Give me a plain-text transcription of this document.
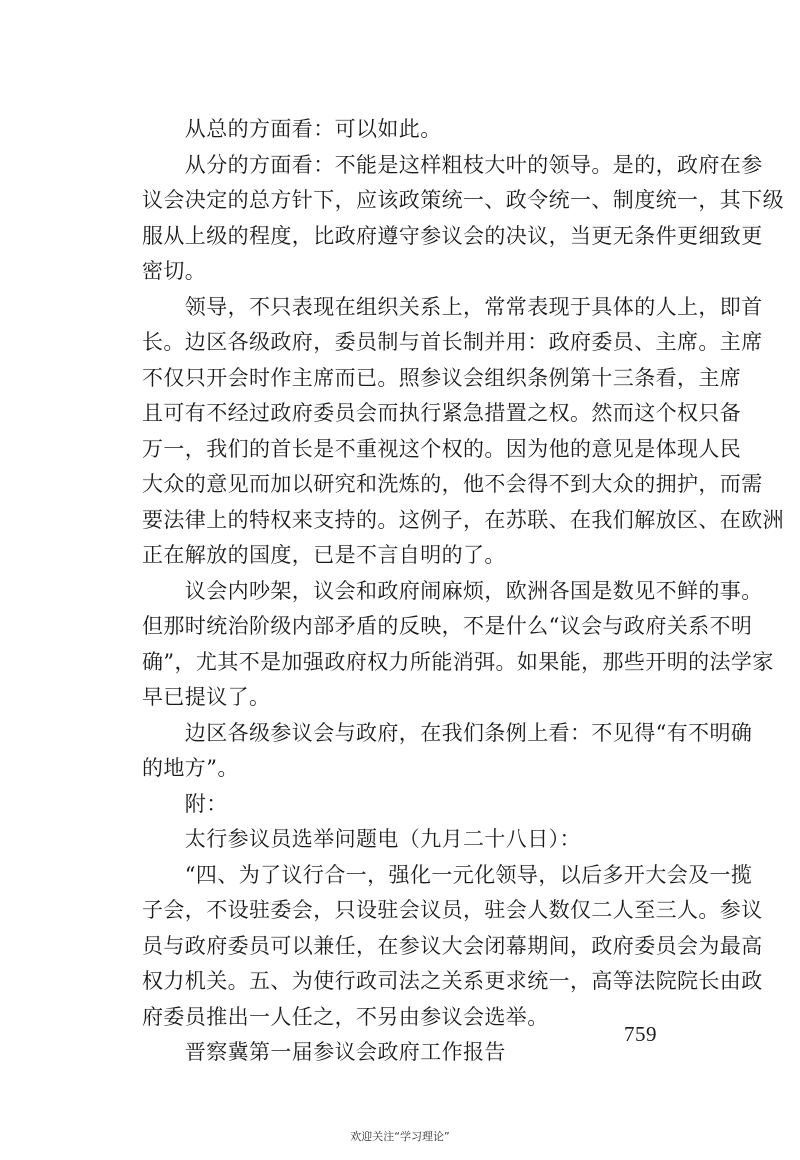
　　从总的方面看：可以如此。
　　从分的方面看：不能是这样粗枝大叶的领导。是的，政府在参
议会决定的总方针下，应该政策统一、政令统一、制度统一，其下级
服从上级的程度，比政府遵守参议会的决议，当更无条件更细致更
密切。
　　领导，不只表现在组织关系上，常常表现于具体的人上，即首
长。边区各级政府，委员制与首长制并用：政府委员、主席。主席
不仅只开会时作主席而已。照参议会组织条例第十三条看，主席
且可有不经过政府委员会而执行紧急措置之权。然而这个权只备
万一，我们的首长是不重视这个权的。因为他的意见是体现人民
大众的意见而加以研究和洗炼的，他不会得不到大众的拥护，而需
要法律上的特权来支持的。这例子，在苏联、在我们解放区、在欧洲
正在解放的国度，已是不言自明的了。
　　议会内吵架，议会和政府闹麻烦，欧洲各国是数见不鲜的事。
但那时统治阶级内部矛盾的反映，不是什么“议会与政府关系不明
确”，尤其不是加强政府权力所能消弭。如果能，那些开明的法学家
早已提议了。
　　边区各级参议会与政府，在我们条例上看：不见得“有不明确
的地方”。
　　附：
　　太行参议员选举问题电（九月二十八日）：
　　“四、为了议行合一，强化一元化领导，以后多开大会及一揽
子会，不设驻委会，只设驻会议员，驻会人数仅二人至三人。参议
员与政府委员可以兼任，在参议大会闭幕期间，政府委员会为最高
权力机关。五、为使行政司法之关系更求统一，高等法院院长由政
府委员推出一人任之，不另由参议会选举。
　　晋察冀第一届参议会政府工作报告

759
欢迎关注“学习理论”
